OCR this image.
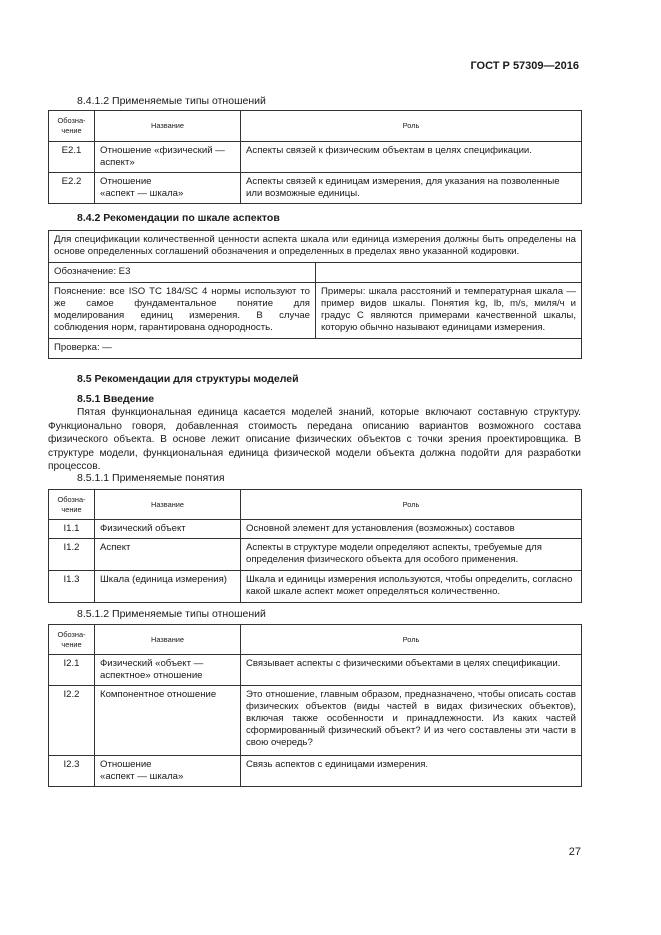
ГОСТ Р 57309—2016
8.4.1.2 Применяемые типы отношений
Обозна-
чение	Название	Роль
E2.1	Отношение «физический — аспект»	Аспекты связей к физическим объектам в целях спецификации.
E2.2	Отношение
«аспект — шкала»	Аспекты связей к единицам измерения, для указания на позволенные или возможные единицы.
8.4.2 Рекомендации по шкале аспектов
Для спецификации количественной ценности аспекта шкала или единица измерения должны быть определены на основе определенных соглашений обозначения и определенных в пределах явно указанной кодировки.	
Обозначение: E3	
Пояснение: все ISO TC 184/SC 4 нормы используют то же самое фундаментальное понятие для моделирования единиц измерения. В случае соблюдения норм, гарантирована однородность.	Примеры: шкала расстояний и температурная шкала — пример видов шкалы. Понятия kg, lb, m/s, миля/ч и градус С являются примерами качественной шкалы, которую обычно называют единицами измерения.
Проверка: —	
8.5 Рекомендации для структуры моделей
8.5.1 Введение
Пятая функциональная единица касается моделей знаний, которые включают составную структуру. Функционально говоря, добавленная стоимость передана описанию вариантов возможного состава физического объекта. В основе лежит описание физических объектов с точки зрения проектировщика. В структуре модели, функциональная единица физической модели объекта должна подойти для разработки процессов.
8.5.1.1 Применяемые понятия
Обозна-
чение	Название	Роль
I1.1	Физический объект	Основной элемент для установления (возможных) составов
I1.2	Аспект	Аспекты в структуре модели определяют аспекты, требуемые для определения физического объекта для особого применения.
I1.3	Шкала (единица измерения)	Шкала и единицы измерения используются, чтобы определить, согласно какой шкале аспект может определяться количественно.
8.5.1.2 Применяемые типы отношений
Обозна-
чение	Название	Роль
I2.1	Физический «объект — аспектное» отношение	Связывает аспекты с физическими объектами в целях спецификации.
I2.2	Компонентное отношение	Это отношение, главным образом, предназначено, чтобы описать состав физических объектов (виды частей в видах физических объектов), включая также особенности и принадлежности. Из каких частей сформированный физический объект? И из чего составлены эти части в свою очередь?
I2.3	Отношение
«аспект — шкала»	Связь аспектов с единицами измерения.
27
